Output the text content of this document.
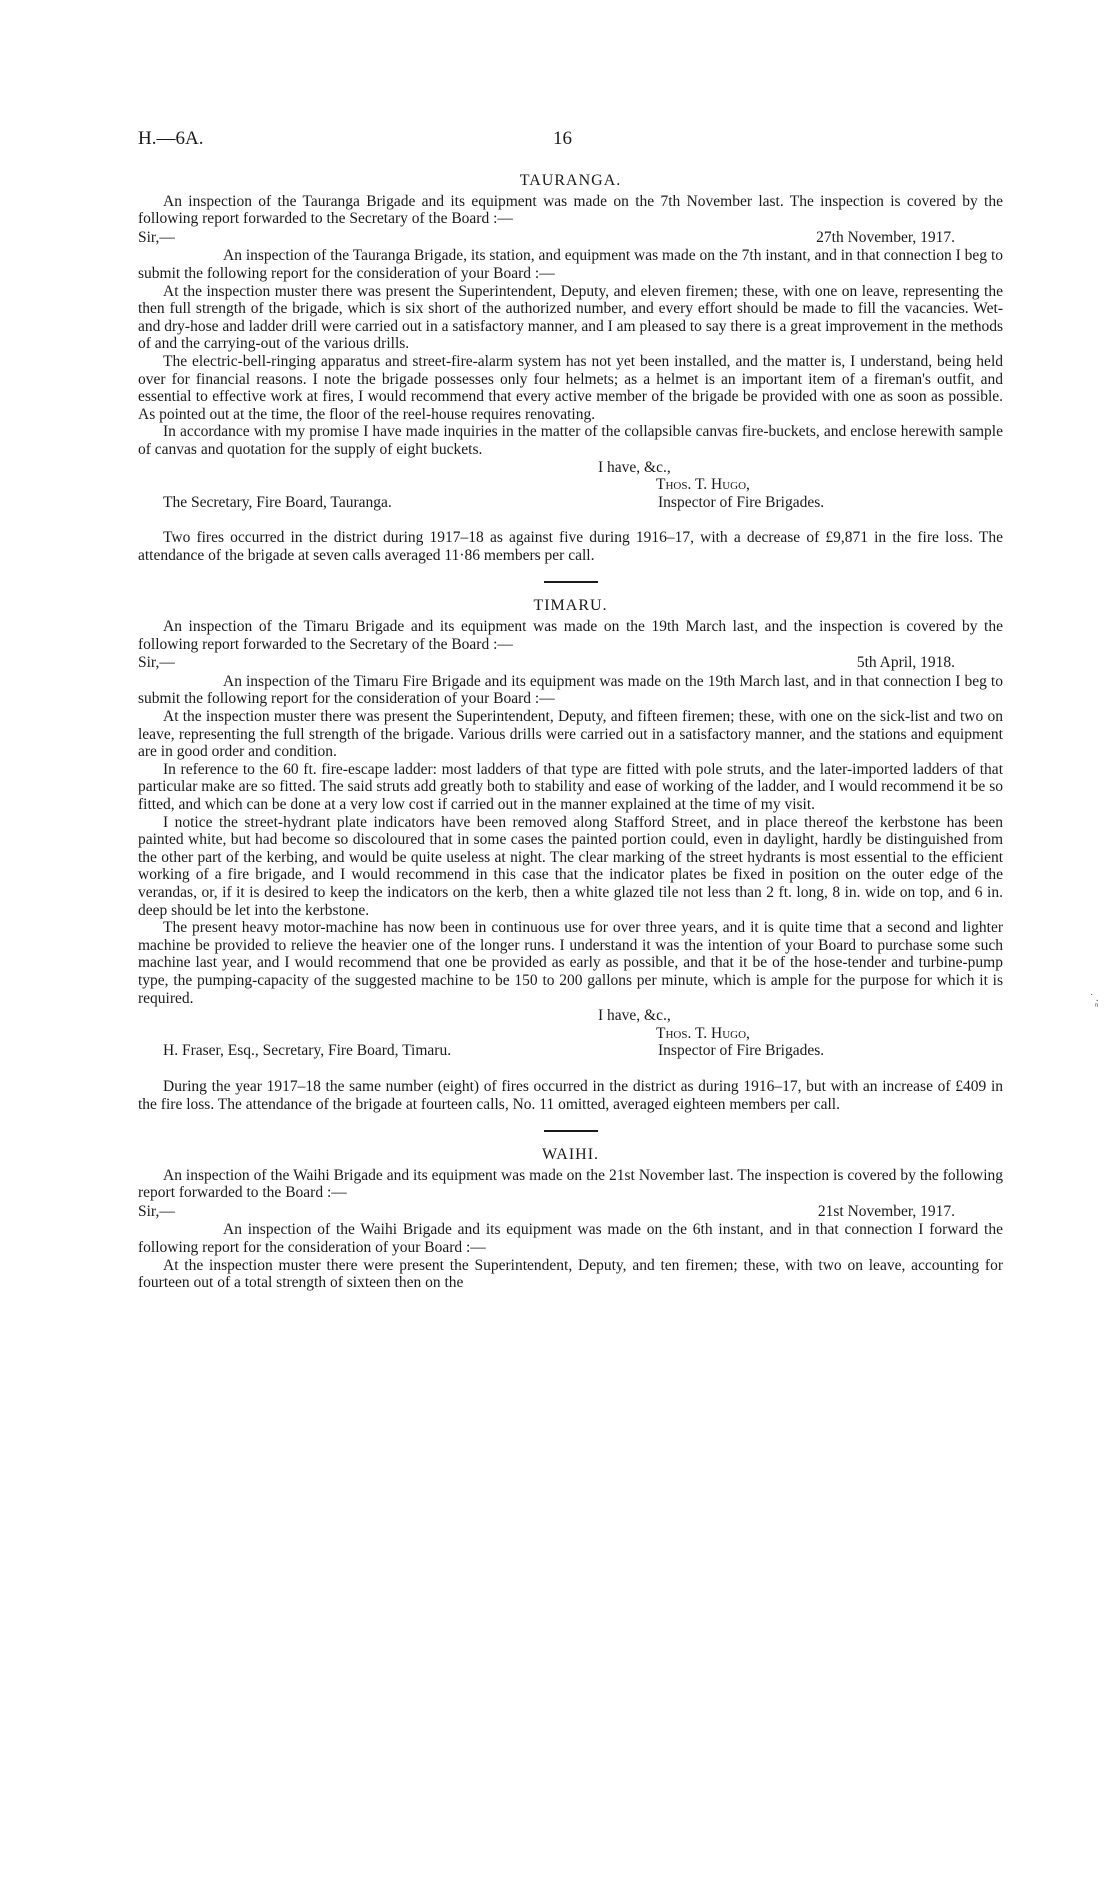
H.—6A.	16
TAURANGA.

An inspection of the Tauranga Brigade and its equipment was made on the 7th November last. The inspection is covered by the following report forwarded to the Secretary of the Board :—

Sir,—	27th November, 1917.

An inspection of the Tauranga Brigade, its station, and equipment was made on the 7th instant, and in that connection I beg to submit the following report for the consideration of your Board :—

At the inspection muster there was present the Superintendent, Deputy, and eleven firemen; these, with one on leave, representing the then full strength of the brigade, which is six short of the authorized number, and every effort should be made to fill the vacancies. Wet- and dry-hose and ladder drill were carried out in a satisfactory manner, and I am pleased to say there is a great improvement in the methods of and the carrying-out of the various drills.

The electric-bell-ringing apparatus and street-fire-alarm system has not yet been installed, and the matter is, I understand, being held over for financial reasons. I note the brigade possesses only four helmets; as a helmet is an important item of a fireman's outfit, and essential to effective work at fires, I would recommend that every active member of the brigade be provided with one as soon as possible. As pointed out at the time, the floor of the reel-house requires renovating.

In accordance with my promise I have made inquiries in the matter of the collapsible canvas fire-buckets, and enclose herewith sample of canvas and quotation for the supply of eight buckets.

I have, &c.,
Thos. T. Hugo,
The Secretary, Fire Board, Tauranga.	Inspector of Fire Brigades.

Two fires occurred in the district during 1917–18 as against five during 1916–17, with a decrease of £9,871 in the fire loss. The attendance of the brigade at seven calls averaged 11·86 members per call.

TIMARU.

An inspection of the Timaru Brigade and its equipment was made on the 19th March last, and the inspection is covered by the following report forwarded to the Secretary of the Board :—

Sir,—	5th April, 1918.

An inspection of the Timaru Fire Brigade and its equipment was made on the 19th March last, and in that connection I beg to submit the following report for the consideration of your Board :—

At the inspection muster there was present the Superintendent, Deputy, and fifteen firemen; these, with one on the sick-list and two on leave, representing the full strength of the brigade. Various drills were carried out in a satisfactory manner, and the stations and equipment are in good order and condition.

In reference to the 60 ft. fire-escape ladder: most ladders of that type are fitted with pole struts, and the later-imported ladders of that particular make are so fitted. The said struts add greatly both to stability and ease of working of the ladder, and I would recommend it be so fitted, and which can be done at a very low cost if carried out in the manner explained at the time of my visit.

I notice the street-hydrant plate indicators have been removed along Stafford Street, and in place thereof the kerbstone has been painted white, but had become so discoloured that in some cases the painted portion could, even in daylight, hardly be distinguished from the other part of the kerbing, and would be quite useless at night. The clear marking of the street hydrants is most essential to the efficient working of a fire brigade, and I would recommend in this case that the indicator plates be fixed in position on the outer edge of the verandas, or, if it is desired to keep the indicators on the kerb, then a white glazed tile not less than 2 ft. long, 8 in. wide on top, and 6 in. deep should be let into the kerbstone.

The present heavy motor-machine has now been in continuous use for over three years, and it is quite time that a second and lighter machine be provided to relieve the heavier one of the longer runs. I understand it was the intention of your Board to purchase some such machine last year, and I would recommend that one be provided as early as possible, and that it be of the hose-tender and turbine-pump type, the pumping-capacity of the suggested machine to be 150 to 200 gallons per minute, which is ample for the purpose for which it is required.

I have, &c.,
Thos. T. Hugo,
H. Fraser, Esq., Secretary, Fire Board, Timaru.	Inspector of Fire Brigades.

During the year 1917–18 the same number (eight) of fires occurred in the district as during 1916–17, but with an increase of £409 in the fire loss. The attendance of the brigade at fourteen calls, No. 11 omitted, averaged eighteen members per call.

WAIHI.

An inspection of the Waihi Brigade and its equipment was made on the 21st November last. The inspection is covered by the following report forwarded to the Board :—

Sir,—	21st November, 1917.

An inspection of the Waihi Brigade and its equipment was made on the 6th instant, and in that connection I forward the following report for the consideration of your Board :—

At the inspection muster there were present the Superintendent, Deputy, and ten firemen; these, with two on leave, accounting for fourteen out of a total strength of sixteen then on the

˙ .
ⁿ
